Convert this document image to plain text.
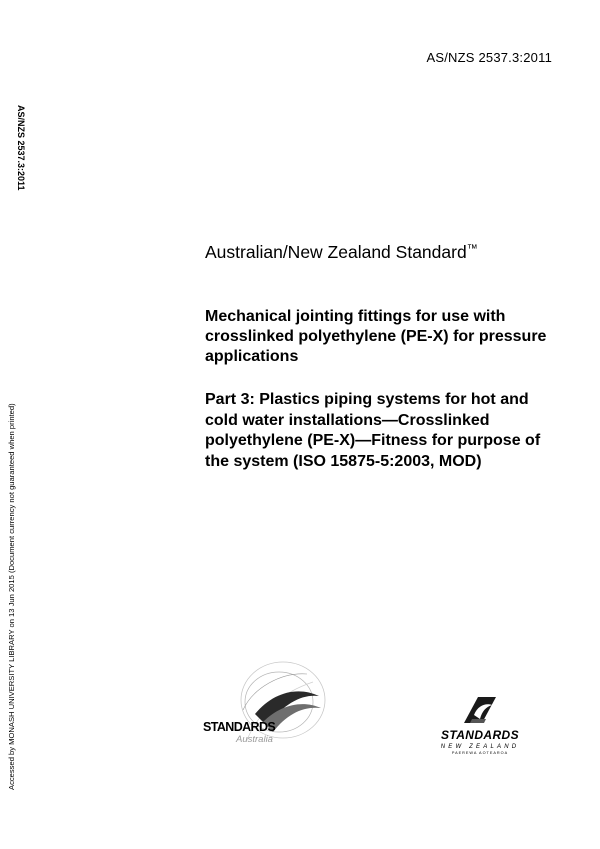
AS/NZS 2537.3:2011
AS/NZS 2537.3:2011
Accessed by MONASH UNIVERSITY LIBRARY on 13 Jun 2015 (Document currency not guaranteed when printed)
Australian/New Zealand Standard™

Mechanical jointing fittings for use with crosslinked polyethylene (PE-X) for pressure applications

Part 3: Plastics piping systems for hot and cold water installations—Crosslinked polyethylene (PE-X)—Fitness for purpose of the system (ISO 15875-5:2003, MOD)

STANDARDS
Australia	STANDARDS
NEW ZEALAND
PAEREWA AOTEAROA
